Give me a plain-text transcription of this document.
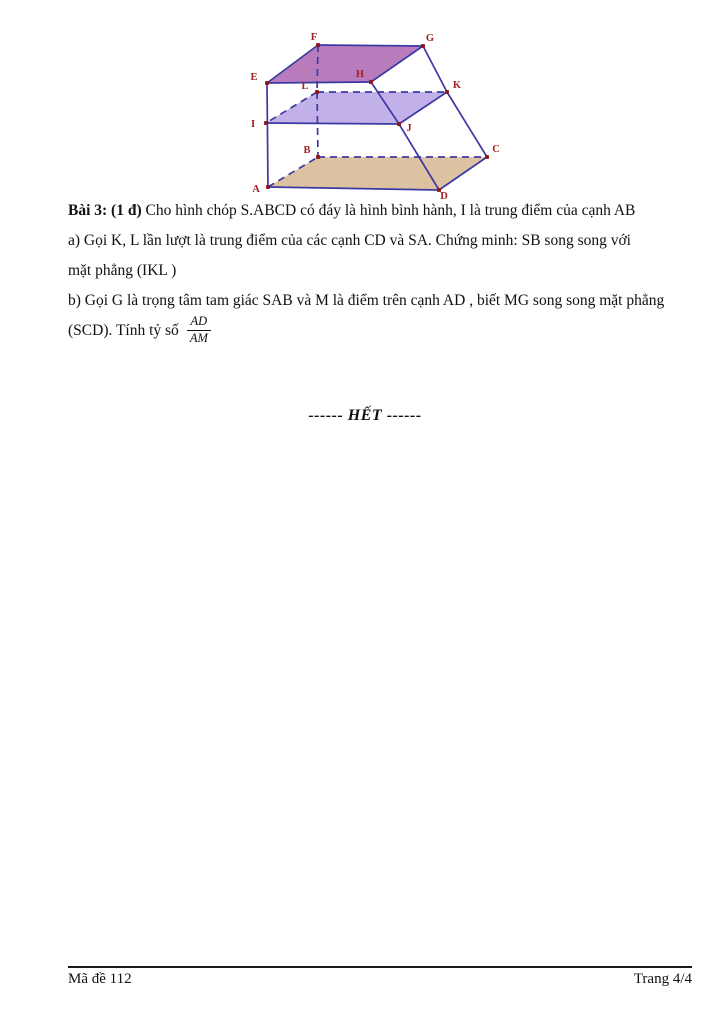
A
B	C
D
I	J
L	K
E	H
F	G
Bài 3: (1 đ) Cho hình chóp S.ABCD có đáy là hình bình hành, I là trung điểm của cạnh AB
a) Gọi K, L lần lượt là trung điểm của các cạnh CD và SA. Chứng minh: SB song song với
mặt phẳng (IKL )
b) Gọi G là trọng tâm tam giác SAB và M là điểm trên cạnh AD , biết MG song song mặt phẳng
(SCD). Tính tỷ số $\frac{AD}{AM}$
------ HẾT ------
Mã đề 112	Trang 4/4
